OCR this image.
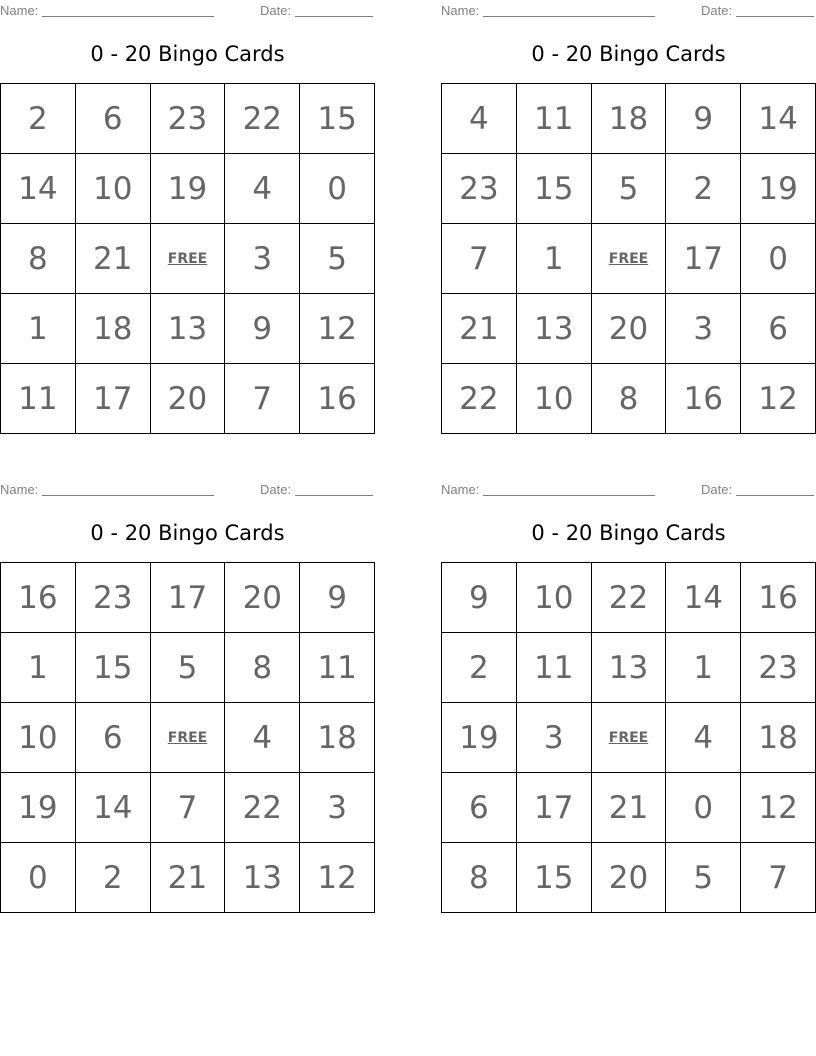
Name:	Date:
0 - 20 Bingo Cards
2	6	23	22	15
14	10	19	4	0
8	21	FREE	3	5
1	18	13	9	12
11	17	20	7	16
Name:	Date:
0 - 20 Bingo Cards
4	11	18	9	14
23	15	5	2	19
7	1	FREE	17	0
21	13	20	3	6
22	10	8	16	12
Name:	Date:
0 - 20 Bingo Cards
16	23	17	20	9
1	15	5	8	11
10	6	FREE	4	18
19	14	7	22	3
0	2	21	13	12
Name:	Date:
0 - 20 Bingo Cards
9	10	22	14	16
2	11	13	1	23
19	3	FREE	4	18
6	17	21	0	12
8	15	20	5	7
